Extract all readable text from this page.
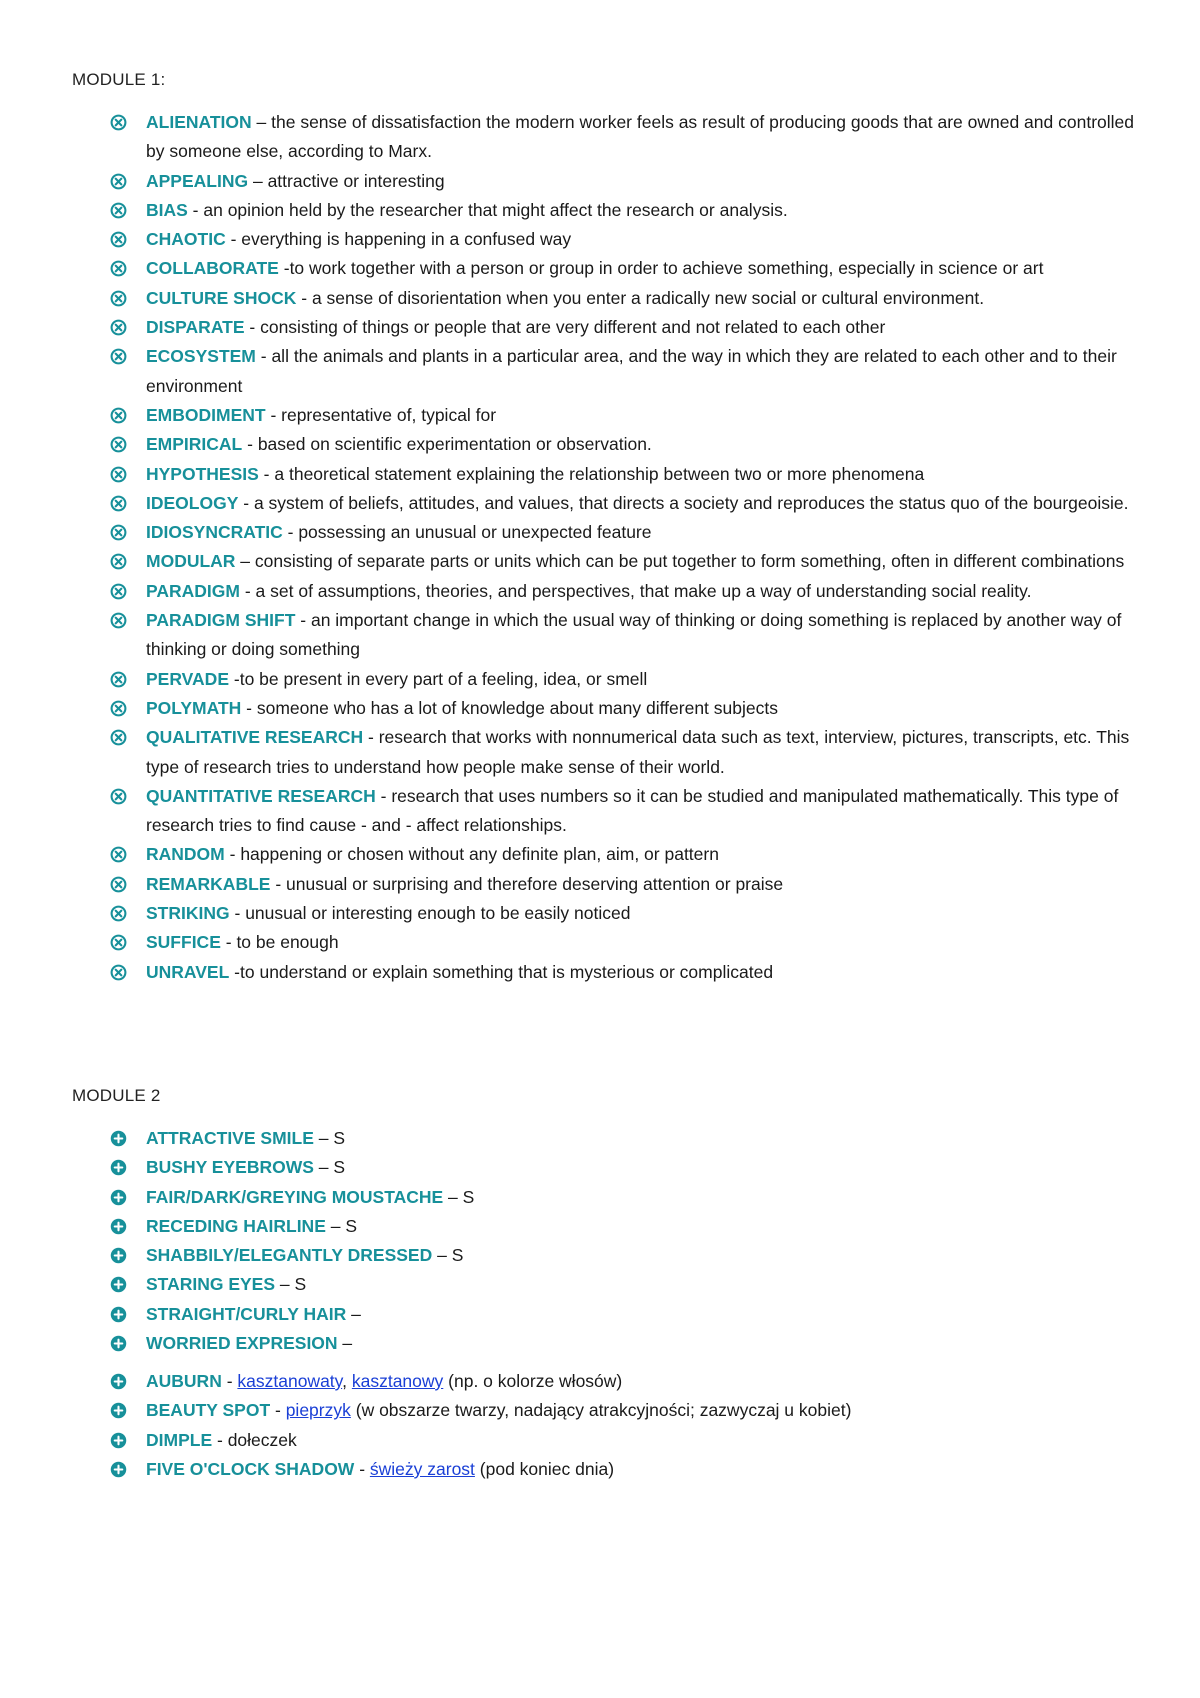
MODULE 1:
ALIENATION – the sense of dissatisfaction the modern worker feels as result of producing goods that are owned and controlled by someone else, according to Marx.
APPEALING – attractive or interesting
BIAS - an opinion held by the researcher that might affect the research or analysis.
CHAOTIC - everything is happening in a confused way
COLLABORATE -to work together with a person or group in order to achieve something, especially in science or art
CULTURE SHOCK - a sense of disorientation when you enter a radically new social or cultural environment.
DISPARATE - consisting of things or people that are very different and not related to each other
ECOSYSTEM - all the animals and plants in a particular area, and the way in which they are related to each other and to their environment
EMBODIMENT - representative of, typical for
EMPIRICAL - based on scientific experimentation or observation.
HYPOTHESIS - a theoretical statement explaining the relationship between two or more phenomena
IDEOLOGY - a system of beliefs, attitudes, and values, that directs a society and reproduces the status quo of the bourgeoisie.
IDIOSYNCRATIC - possessing an unusual or unexpected feature
MODULAR – consisting of separate parts or units which can be put together to form something, often in different combinations
PARADIGM - a set of assumptions, theories, and perspectives, that make up a way of understanding social reality.
PARADIGM SHIFT - an important change in which the usual way of thinking or doing something is replaced by another way of thinking or doing something
PERVADE -to be present in every part of a feeling, idea, or smell
POLYMATH - someone who has a lot of knowledge about many different subjects
QUALITATIVE RESEARCH - research that works with nonnumerical data such as text, interview, pictures, transcripts, etc. This type of research tries to understand how people make sense of their world.
QUANTITATIVE RESEARCH - research that uses numbers so it can be studied and manipulated mathematically. This type of research tries to find cause - and - affect relationships.
RANDOM - happening or chosen without any definite plan, aim, or pattern
REMARKABLE - unusual or surprising and therefore deserving attention or praise
STRIKING - unusual or interesting enough to be easily noticed
SUFFICE - to be enough
UNRAVEL -to understand or explain something that is mysterious or complicated
MODULE 2
ATTRACTIVE SMILE – S
BUSHY EYEBROWS – S
FAIR/DARK/GREYING MOUSTACHE – S
RECEDING HAIRLINE – S
SHABBILY/ELEGANTLY DRESSED – S
STARING EYES – S
STRAIGHT/CURLY HAIR –
WORRIED EXPRESION –
AUBURN - kasztanowaty, kasztanowy (np. o kolorze włosów)
BEAUTY SPOT - pieprzyk (w obszarze twarzy, nadający atrakcyjności; zazwyczaj u kobiet)
DIMPLE - dołeczek
FIVE O'CLOCK SHADOW - świeży zarost (pod koniec dnia)
